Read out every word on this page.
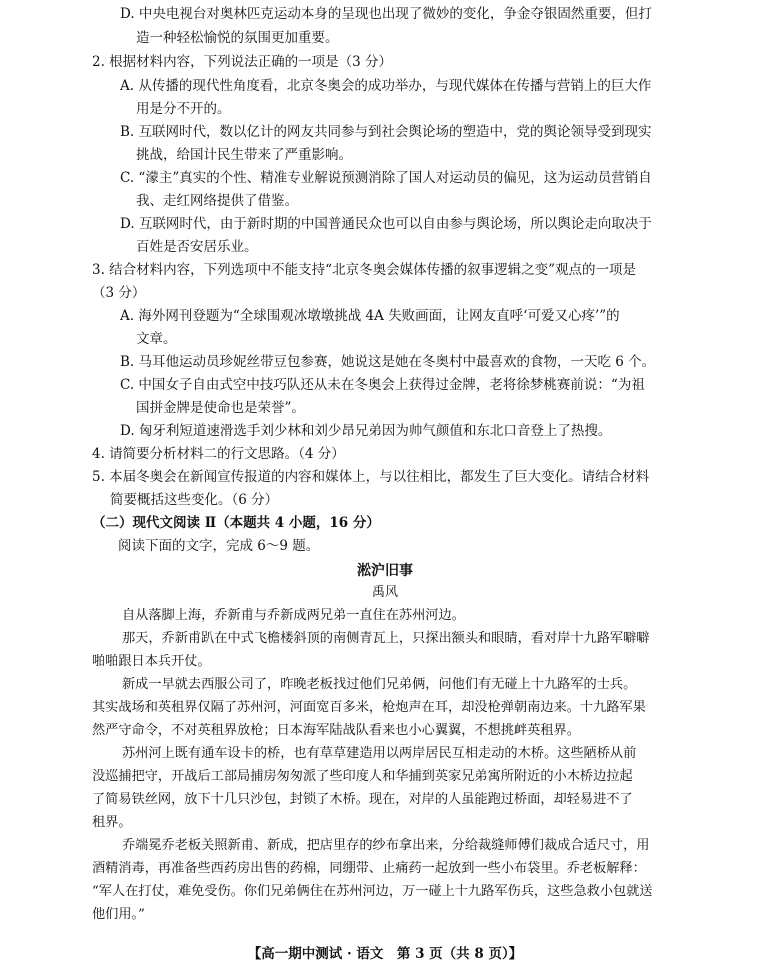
D. 中央电视台对奥林匹克运动本身的呈现也出现了微妙的变化，争金夺银固然重要，但打
造一种轻松愉悦的氛围更加重要。
2. 根据材料内容，下列说法正确的一项是（3 分）
A. 从传播的现代性角度看，北京冬奥会的成功举办，与现代媒体在传播与营销上的巨大作
用是分不开的。
B. 互联网时代，数以亿计的网友共同参与到社会舆论场的塑造中，党的舆论领导受到现实
挑战，给国计民生带来了严重影响。
C. “濛主”真实的个性、精准专业解说预测消除了国人对运动员的偏见，这为运动员营销自
我、走红网络提供了借鉴。
D. 互联网时代，由于新时期的中国普通民众也可以自由参与舆论场，所以舆论走向取决于
百姓是否安居乐业。
3. 结合材料内容，下列选项中不能支持“北京冬奥会媒体传播的叙事逻辑之变”观点的一项是
（3 分）
A. 海外网刊登题为“全球围观冰墩墩挑战 4A 失败画面，让网友直呼‘可爱又心疼’”的
文章。
B. 马耳他运动员珍妮丝带豆包参赛，她说这是她在冬奥村中最喜欢的食物，一天吃 6 个。
C. 中国女子自由式空中技巧队还从未在冬奥会上获得过金牌，老将徐梦桃赛前说：“为祖
国拼金牌是使命也是荣誉”。
D. 匈牙利短道速滑选手刘少林和刘少昂兄弟因为帅气颜值和东北口音登上了热搜。
4. 请简要分析材料二的行文思路。（4 分）
5. 本届冬奥会在新闻宣传报道的内容和媒体上，与以往相比，都发生了巨大变化。请结合材料
简要概括这些变化。（6 分）
（二）现代文阅读 Ⅱ（本题共 4 小题，16 分）
阅读下面的文字，完成 6～9 题。
淞沪旧事
禹风
自从落脚上海，乔新甫与乔新成两兄弟一直住在苏州河边。
那天，乔新甫趴在中式飞檐楼斜顶的南侧青瓦上，只探出额头和眼睛，看对岸十九路军噼噼
啪啪跟日本兵开仗。
新成一早就去西服公司了，昨晚老板找过他们兄弟俩，问他们有无碰上十九路军的士兵。
其实战场和英租界仅隔了苏州河，河面宽百多米，枪炮声在耳，却没枪弹朝南边来。十九路军果
然严守命令，不对英租界放枪；日本海军陆战队看来也小心翼翼，不想挑衅英租界。
苏州河上既有通车设卡的桥，也有草草建造用以两岸居民互相走动的木桥。这些陋桥从前
没巡捕把守，开战后工部局捕房匆匆派了些印度人和华捕到英家兄弟寓所附近的小木桥边拉起
了简易铁丝网，放下十几只沙包，封锁了木桥。现在，对岸的人虽能跑过桥面，却轻易进不了
租界。
乔端冕乔老板关照新甫、新成，把店里存的纱布拿出来，分给裁缝师傅们裁成合适尺寸，用
酒精消毒，再准备些西药房出售的药棉，同绷带、止痛药一起放到一些小布袋里。乔老板解释：
“军人在打仗，难免受伤。你们兄弟俩住在苏州河边，万一碰上十九路军伤兵，这些急救小包就送
他们用。”
【高一期中测试 · 语文　第 3 页（共 8 页）】
